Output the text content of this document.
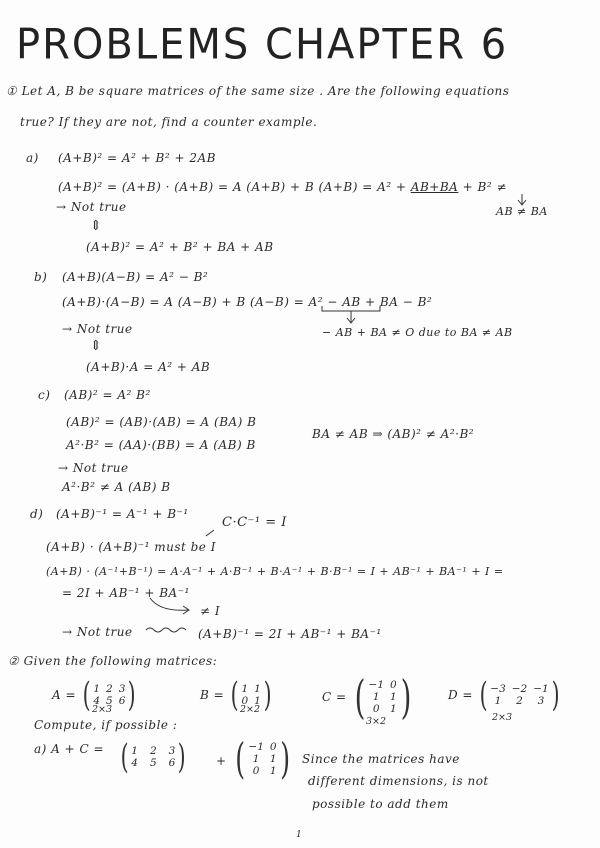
PROBLEMS CHAPTER 6
① Let A, B be square matrices of the same size . Are the following equations
true? If they are not, find a counter example.
a) (A+B)² = A² + B² + 2AB
(A+B)² = (A+B) · (A+B) = A (A+B) + B (A+B) = A² + AB+BA + B² ≠
AB ≠ BA
→ Not true
⇕
(A+B)² = A² + B² + BA + AB
b) (A+B)(A−B) = A² − B²
(A+B)·(A−B) = A (A−B) + B (A−B) = A² − AB + BA − B²
− AB + BA ≠ O due to BA ≠ AB
→ Not true
⇕
(A+B)·A = A² + AB
c) (AB)² = A² B²
(AB)² = (AB)·(AB) = A (BA) B
A²·B² = (AA)·(BB) = A (AB) B
BA ≠ AB ⇒ (AB)² ≠ A²·B²
→ Not true
A²·B² ≠ A (AB) B
d) (A+B)⁻¹ = A⁻¹ + B⁻¹
C·C⁻¹ = I
(A+B) · (A+B)⁻¹ must be I
(A+B) · (A⁻¹+B⁻¹) = A·A⁻¹ + A·B⁻¹ + B·A⁻¹ + B·B⁻¹ = I + AB⁻¹ + BA⁻¹ + I =
= 2I + AB⁻¹ + BA⁻¹
≠ I
→ Not true	(A+B)⁻¹ = 2I + AB⁻¹ + BA⁻¹
② Given the following matrices:
A = ( 1 2 3
4 5 6 )
2×3
B = ( 1 1
0 1 )
2×2
C = ( −1 0
1 1
0 1 )
3×2
D = ( −3 −2 −1
1	2	3 )
2×3
Compute, if possible :
a) A + C = ( 1 2 3
4 5 6 )	+ ( −1 0
1 1
0 1 ) Since the matrices have
different dimensions, is not
possible to add them
1
